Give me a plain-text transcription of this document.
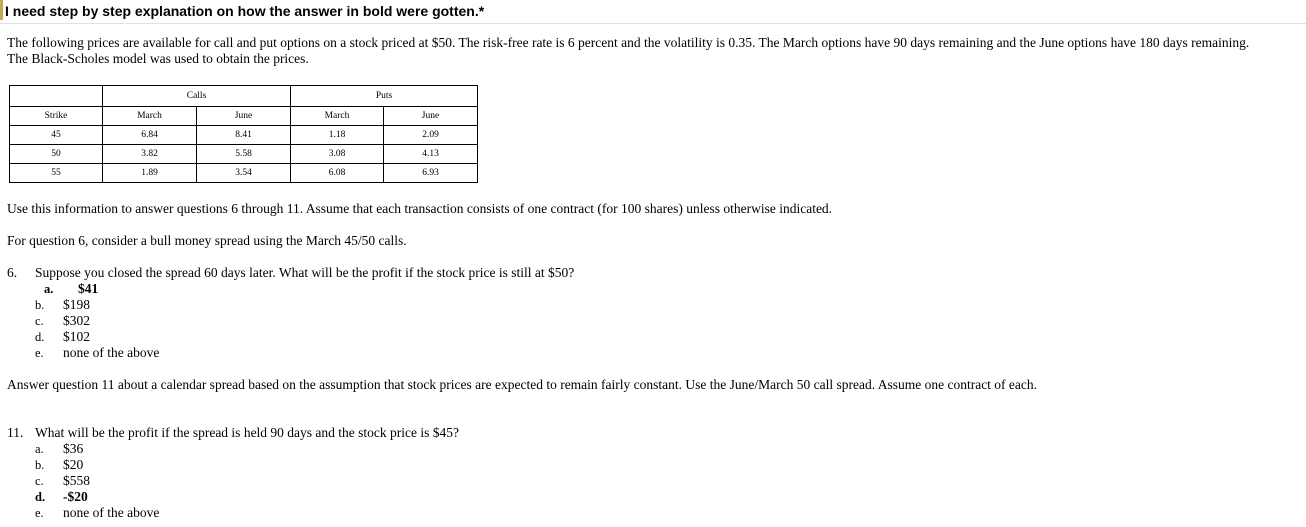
I need step by step explanation on how the answer in bold were gotten.*
The following prices are available for call and put options on a stock priced at $50. The risk-free rate is 6 percent and the volatility is 0.35. The March options have 90 days remaining and the June options have 180 days remaining.
The Black-Scholes model was used to obtain the prices.
	Calls		Puts	
Strike	March	June	March	June
45	6.84	8.41	1.18	2.09
50	3.82	5.58	3.08	4.13
55	1.89	3.54	6.08	6.93
Use this information to answer questions 6 through 11. Assume that each transaction consists of one contract (for 100 shares) unless otherwise indicated.
For question 6, consider a bull money spread using the March 45/50 calls.
6. Suppose you closed the spread 60 days later. What will be the profit if the stock price is still at $50?
a. $41
b. $198
c. $302
d. $102
e. none of the above
Answer question 11 about a calendar spread based on the assumption that stock prices are expected to remain fairly constant. Use the June/March 50 call spread. Assume one contract of each.
11. What will be the profit if the spread is held 90 days and the stock price is $45?
a. $36
b. $20
c. $558
d. -$20
e. none of the above
